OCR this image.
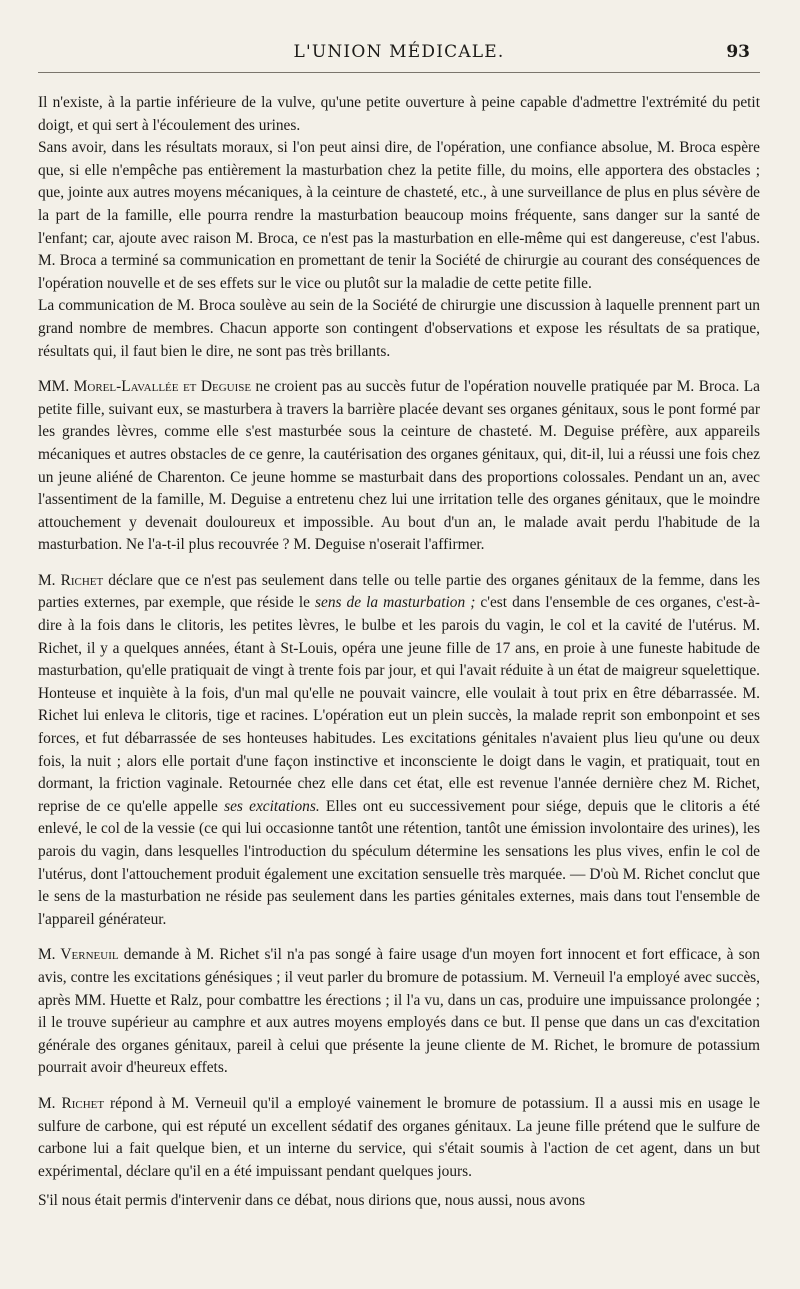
L'UNION MÉDICALE.	93

Il n'existe, à la partie inférieure de la vulve, qu'une petite ouverture à peine capable d'admettre l'extrémité du petit doigt, et qui sert à l'écoulement des urines.

Sans avoir, dans les résultats moraux, si l'on peut ainsi dire, de l'opération, une confiance absolue, M. Broca espère que, si elle n'empêche pas entièrement la masturbation chez la petite fille, du moins, elle apportera des obstacles ; que, jointe aux autres moyens mécaniques, à la ceinture de chasteté, etc., à une surveillance de plus en plus sévère de la part de la famille, elle pourra rendre la masturbation beaucoup moins fréquente, sans danger sur la santé de l'enfant; car, ajoute avec raison M. Broca, ce n'est pas la masturbation en elle-même qui est dangereuse, c'est l'abus. M. Broca a terminé sa communication en promettant de tenir la Société de chirurgie au courant des conséquences de l'opération nouvelle et de ses effets sur le vice ou plutôt sur la maladie de cette petite fille.

La communication de M. Broca soulève au sein de la Société de chirurgie une discussion à laquelle prennent part un grand nombre de membres. Chacun apporte son contingent d'observations et expose les résultats de sa pratique, résultats qui, il faut bien le dire, ne sont pas très brillants.

MM. Morel-Lavallée et Deguise ne croient pas au succès futur de l'opération nouvelle pratiquée par M. Broca. La petite fille, suivant eux, se masturbera à travers la barrière placée devant ses organes génitaux, sous le pont formé par les grandes lèvres, comme elle s'est masturbée sous la ceinture de chasteté. M. Deguise préfère, aux appareils mécaniques et autres obstacles de ce genre, la cautérisation des organes génitaux, qui, dit-il, lui a réussi une fois chez un jeune aliéné de Charenton. Ce jeune homme se masturbait dans des proportions colossales. Pendant un an, avec l'assentiment de la famille, M. Deguise a entretenu chez lui une irritation telle des organes génitaux, que le moindre attouchement y devenait douloureux et impossible. Au bout d'un an, le malade avait perdu l'habitude de la masturbation. Ne l'a-t-il plus recouvrée ? M. Deguise n'oserait l'affirmer.

M. Richet déclare que ce n'est pas seulement dans telle ou telle partie des organes génitaux de la femme, dans les parties externes, par exemple, que réside le sens de la masturbation ; c'est dans l'ensemble de ces organes, c'est-à-dire à la fois dans le clitoris, les petites lèvres, le bulbe et les parois du vagin, le col et la cavité de l'utérus. M. Richet, il y a quelques années, étant à St-Louis, opéra une jeune fille de 17 ans, en proie à une funeste habitude de masturbation, qu'elle pratiquait de vingt à trente fois par jour, et qui l'avait réduite à un état de maigreur squelettique. Honteuse et inquiète à la fois, d'un mal qu'elle ne pouvait vaincre, elle voulait à tout prix en être débarrassée. M. Richet lui enleva le clitoris, tige et racines. L'opération eut un plein succès, la malade reprit son embonpoint et ses forces, et fut débarrassée de ses honteuses habitudes. Les excitations génitales n'avaient plus lieu qu'une ou deux fois, la nuit ; alors elle portait d'une façon instinctive et inconsciente le doigt dans le vagin, et pratiquait, tout en dormant, la friction vaginale. Retournée chez elle dans cet état, elle est revenue l'année dernière chez M. Richet, reprise de ce qu'elle appelle ses excitations. Elles ont eu successivement pour siége, depuis que le clitoris a été enlevé, le col de la vessie (ce qui lui occasionne tantôt une rétention, tantôt une émission involontaire des urines), les parois du vagin, dans lesquelles l'introduction du spéculum détermine les sensations les plus vives, enfin le col de l'utérus, dont l'attouchement produit également une excitation sensuelle très marquée. — D'où M. Richet conclut que le sens de la masturbation ne réside pas seulement dans les parties génitales externes, mais dans tout l'ensemble de l'appareil générateur.

M. Verneuil demande à M. Richet s'il n'a pas songé à faire usage d'un moyen fort innocent et fort efficace, à son avis, contre les excitations génésiques ; il veut parler du bromure de potassium. M. Verneuil l'a employé avec succès, après MM. Huette et Ralz, pour combattre les érections ; il l'a vu, dans un cas, produire une impuissance prolongée ; il le trouve supérieur au camphre et aux autres moyens employés dans ce but. Il pense que dans un cas d'excitation générale des organes génitaux, pareil à celui que présente la jeune cliente de M. Richet, le bromure de potassium pourrait avoir d'heureux effets.

M. Richet répond à M. Verneuil qu'il a employé vainement le bromure de potassium. Il a aussi mis en usage le sulfure de carbone, qui est réputé un excellent sédatif des organes génitaux. La jeune fille prétend que le sulfure de carbone lui a fait quelque bien, et un interne du service, qui s'était soumis à l'action de cet agent, dans un but expérimental, déclare qu'il en a été impuissant pendant quelques jours.

S'il nous était permis d'intervenir dans ce débat, nous dirions que, nous aussi, nous avons
